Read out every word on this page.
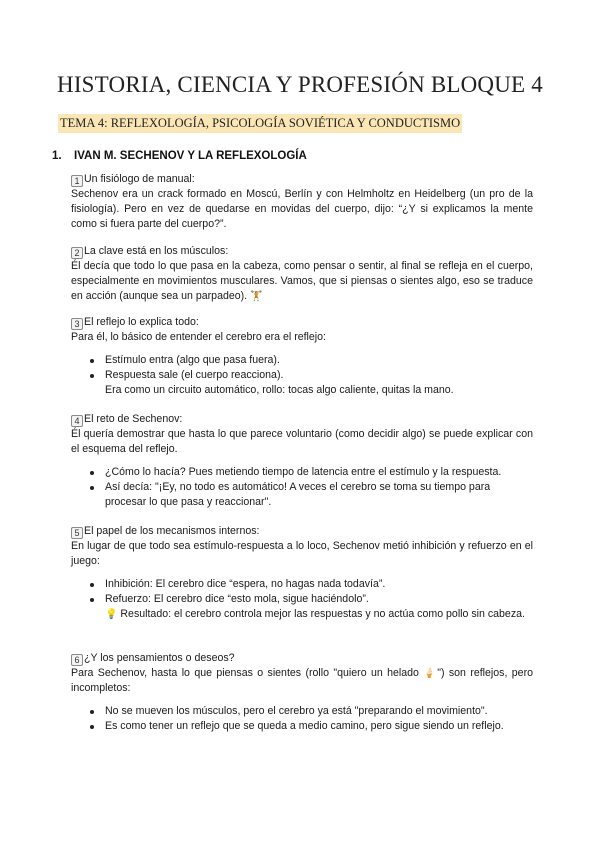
HISTORIA, CIENCIA Y PROFESIÓN BLOQUE 4
TEMA 4: REFLEXOLOGÍA, PSICOLOGÍA SOVIÉTICA Y CONDUCTISMO
1. IVAN M. SECHENOV Y LA REFLEXOLOGÍA
1 Un fisiólogo de manual:

Sechenov era un crack formado en Moscú, Berlín y con Helmholtz en Heidelberg (un pro de la fisiología). Pero en vez de quedarse en movidas del cuerpo, dijo: “¿Y si explicamos la mente como si fuera parte del cuerpo?”.

2 La clave está en los músculos:

Él decía que todo lo que pasa en la cabeza, como pensar o sentir, al final se refleja en el cuerpo, especialmente en movimientos musculares. Vamos, que si piensas o sientes algo, eso se traduce en acción (aunque sea un parpadeo). 🏋

3 El reflejo lo explica todo:

Para él, lo básico de entender el cerebro era el reflejo:

Estímulo entra (algo que pasa fuera).
Respuesta sale (el cuerpo reacciona).
Era como un circuito automático, rollo: tocas algo caliente, quitas la mano.
4 El reto de Sechenov:

Él quería demostrar que hasta lo que parece voluntario (como decidir algo) se puede explicar con el esquema del reflejo.

¿Cómo lo hacía? Pues metiendo tiempo de latencia entre el estímulo y la respuesta.
Así decía: "¡Ey, no todo es automático! A veces el cerebro se toma su tiempo para procesar lo que pasa y reaccionar".
5 El papel de los mecanismos internos:

En lugar de que todo sea estímulo-respuesta a lo loco, Sechenov metió inhibición y refuerzo en el juego:

Inhibición: El cerebro dice “espera, no hagas nada todavía”.
Refuerzo: El cerebro dice “esto mola, sigue haciéndolo”.
💡 Resultado: el cerebro controla mejor las respuestas y no actúa como pollo sin cabeza.
6 ¿Y los pensamientos o deseos?

Para Sechenov, hasta lo que piensas o sientes (rollo "quiero un helado 🍦") son reflejos, pero incompletos:

No se mueven los músculos, pero el cerebro ya está "preparando el movimiento".
Es como tener un reflejo que se queda a medio camino, pero sigue siendo un reflejo.
